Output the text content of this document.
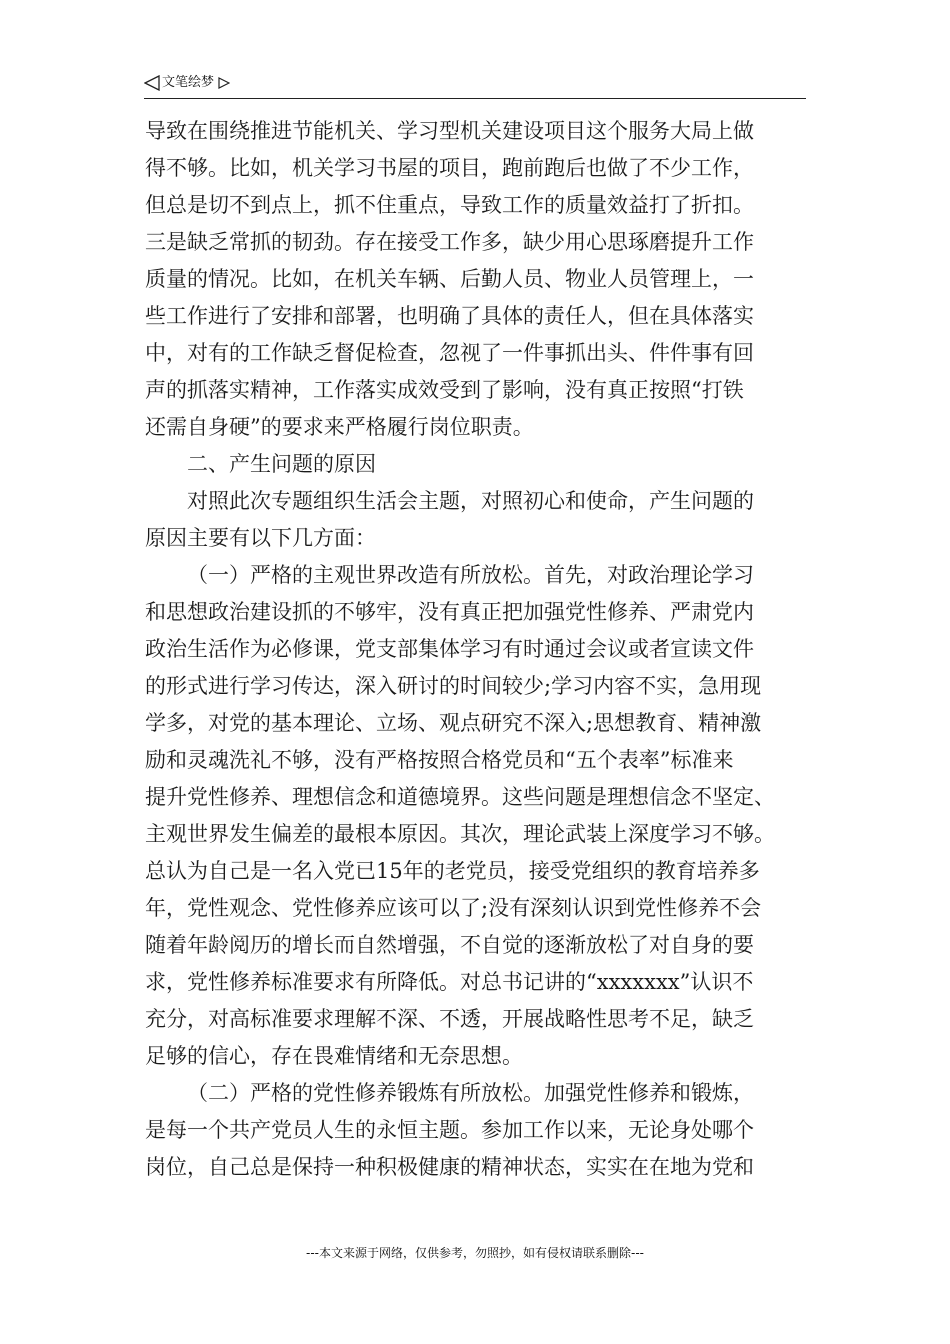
文笔绘梦

导致在围绕推进节能机关、学习型机关建设项目这个服务大局上做
得不够。比如，机关学习书屋的项目，跑前跑后也做了不少工作，
但总是切不到点上，抓不住重点，导致工作的质量效益打了折扣。
三是缺乏常抓的韧劲。存在接受工作多，缺少用心思琢磨提升工作
质量的情况。比如，在机关车辆、后勤人员、物业人员管理上，一
些工作进行了安排和部署，也明确了具体的责任人，但在具体落实
中，对有的工作缺乏督促检查，忽视了一件事抓出头、件件事有回
声的抓落实精神，工作落实成效受到了影响，没有真正按照“打铁
还需自身硬”的要求来严格履行岗位职责。

二、产生问题的原因

对照此次专题组织生活会主题，对照初心和使命，产生问题的
原因主要有以下几方面：

（一）严格的主观世界改造有所放松。首先，对政治理论学习
和思想政治建设抓的不够牢，没有真正把加强党性修养、严肃党内
政治生活作为必修课，党支部集体学习有时通过会议或者宣读文件
的形式进行学习传达，深入研讨的时间较少;学习内容不实，急用现
学多，对党的基本理论、立场、观点研究不深入;思想教育、精神激
励和灵魂洗礼不够，没有严格按照合格党员和“五个表率”标准来
提升党性修养、理想信念和道德境界。这些问题是理想信念不坚定、
主观世界发生偏差的最根本原因。其次，理论武装上深度学习不够。
总认为自己是一名入党已15年的老党员，接受党组织的教育培养多
年，党性观念、党性修养应该可以了;没有深刻认识到党性修养不会
随着年龄阅历的增长而自然增强，不自觉的逐渐放松了对自身的要
求，党性修养标准要求有所降低。对总书记讲的“xxxxxxx”认识不
充分，对高标准要求理解不深、不透，开展战略性思考不足，缺乏
足够的信心，存在畏难情绪和无奈思想。

（二）严格的党性修养锻炼有所放松。加强党性修养和锻炼，
是每一个共产党员人生的永恒主题。参加工作以来，无论身处哪个
岗位，自己总是保持一种积极健康的精神状态，实实在在地为党和

---本文来源于网络，仅供参考，勿照抄，如有侵权请联系删除---
